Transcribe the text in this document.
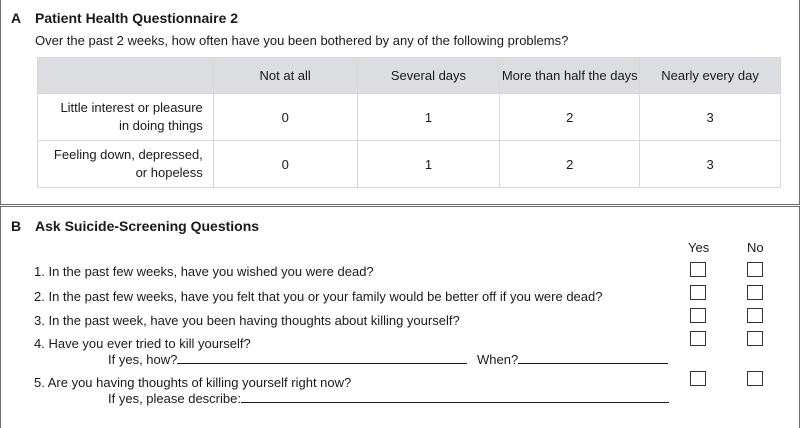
A Patient Health Questionnaire 2
Over the past 2 weeks, how often have you been bothered by any of the following problems?
	Not at all	Several days	More than half the days	Nearly every day
Little interest or pleasure
in doing things	0	1	2	3
Feeling down, depressed,
or hopeless	0	1	2	3
B Ask Suicide-Screening Questions
Yes	No
1. In the past few weeks, have you wished you were dead?
2. In the past few weeks, have you felt that you or your family would be better off if you were dead?
3. In the past week, have you been having thoughts about killing yourself?
4. Have you ever tried to kill yourself?
If yes, how?	When?
5. Are you having thoughts of killing yourself right now?
If yes, please describe:
